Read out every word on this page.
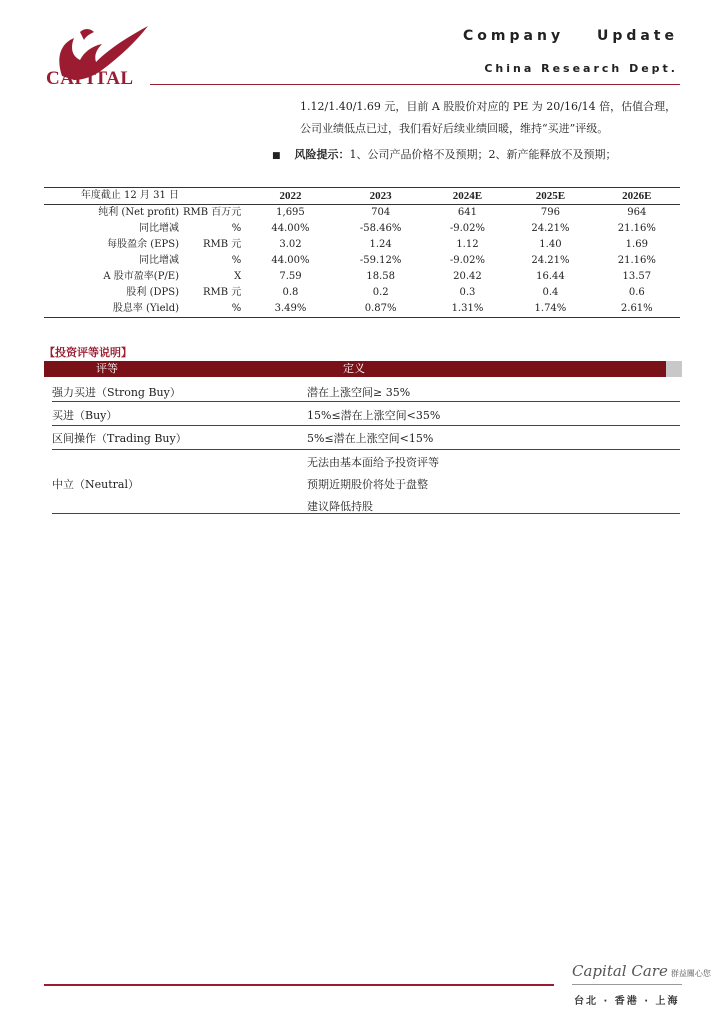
CAPITAL
Company Update
China Research Dept.
1.12/1.40/1.69 元，目前 A 股股价对应的 PE 为 20/16/14 倍，估值合理，公司业绩低点已过，我们看好后续业绩回暖，维持“买进”评级。
■ 风险提示：1、公司产品价格不及预期；2、新产能释放不及预期；
年度截止 12 月 31 日		2022	2023	2024E	2025E	2026E
纯利 (Net profit)	RMB 百万元	1,695	704	641	796	964
同比增减	%	44.00%	-58.46%	-9.02%	24.21%	21.16%
每股盈余 (EPS)	RMB 元	3.02	1.24	1.12	1.40	1.69
同比增减	%	44.00%	-59.12%	-9.02%	24.21%	21.16%
A 股市盈率(P/E)	X	7.59	18.58	20.42	16.44	13.57
股利 (DPS)	RMB 元	0.8	0.2	0.3	0.4	0.6
股息率 (Yield)	%	3.49%	0.87%	1.31%	1.74%	2.61%
【投资评等说明】
评等	定义
强力买进（Strong Buy）	潜在上涨空间≥ 35%
买进（Buy）	15%≤潜在上涨空间<35%
区间操作（Trading Buy）	5%≤潜在上涨空间<15%
中立（Neutral）
无法由基本面给予投资评等
预期近期股价将处于盘整
建议降低持股
Capital Care 群益關心您
台北 · 香港 · 上海
